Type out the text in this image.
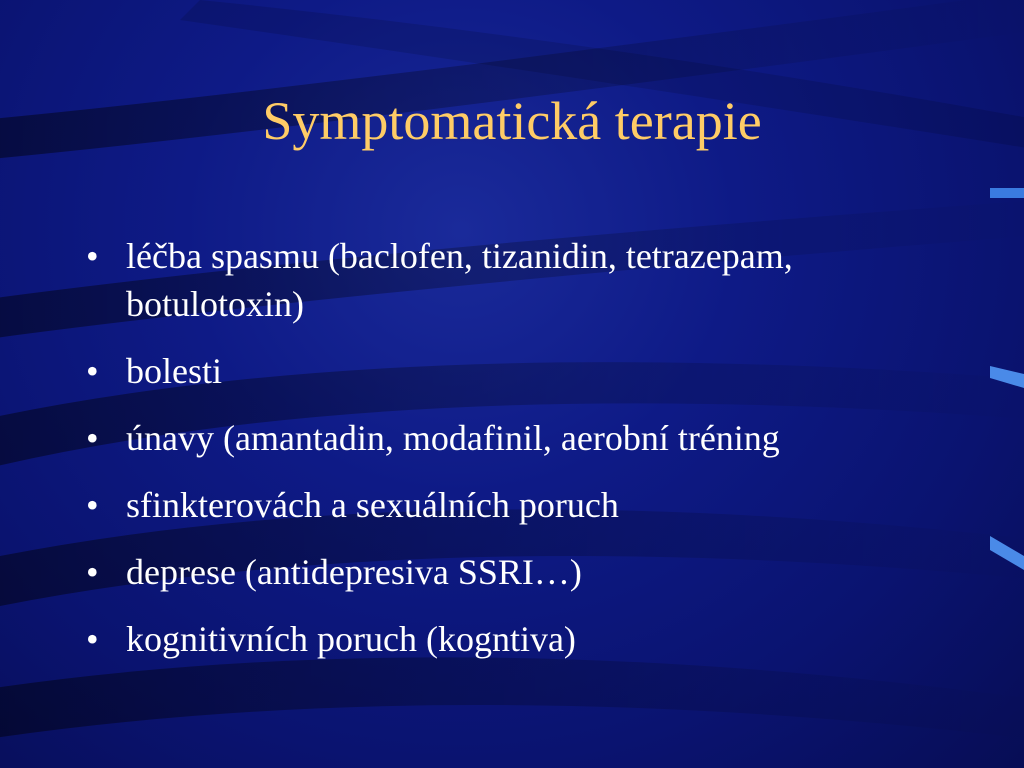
Symptomatická terapie
• léčba spasmu (baclofen, tizanidin, tetrazepam, botulotoxin)
• bolesti
• únavy (amantadin, modafinil, aerobní tréning
• sfinkterovách a sexuálních poruch
• deprese (antidepresiva SSRI…)
• kognitivních poruch (kogntiva)
